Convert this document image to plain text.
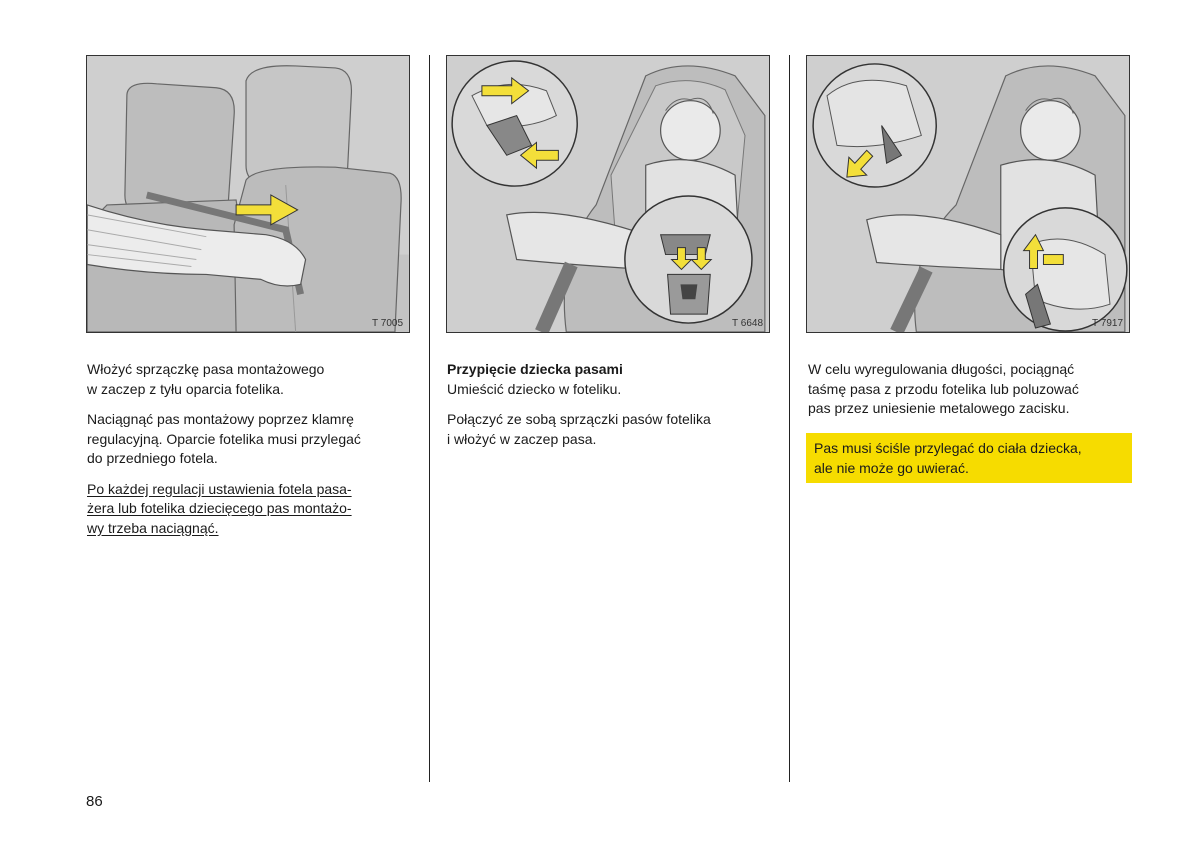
T 7005	T 6648	T 7917

Włożyć sprzączkę pasa montażowego
w zaczep z tyłu oparcia fotelika.

Naciągnąć pas montażowy poprzez klamrę
regulacyjną. Oparcie fotelika musi przylegać
do przedniego fotela.

Po każdej regulacji ustawienia fotela pasa-
żera lub fotelika dziecięcego pas montażo-
wy trzeba naciągnąć.

Przypięcie dziecka pasami
Umieścić dziecko w foteliku.

Połączyć ze sobą sprzączki pasów fotelika
i włożyć w zaczep pasa.

W celu wyregulowania długości, pociągnąć
taśmę pasa z przodu fotelika lub poluzować
pas przez uniesienie metalowego zacisku.

Pas musi ściśle przylegać do ciała dziecka,
ale nie może go uwierać.
86
